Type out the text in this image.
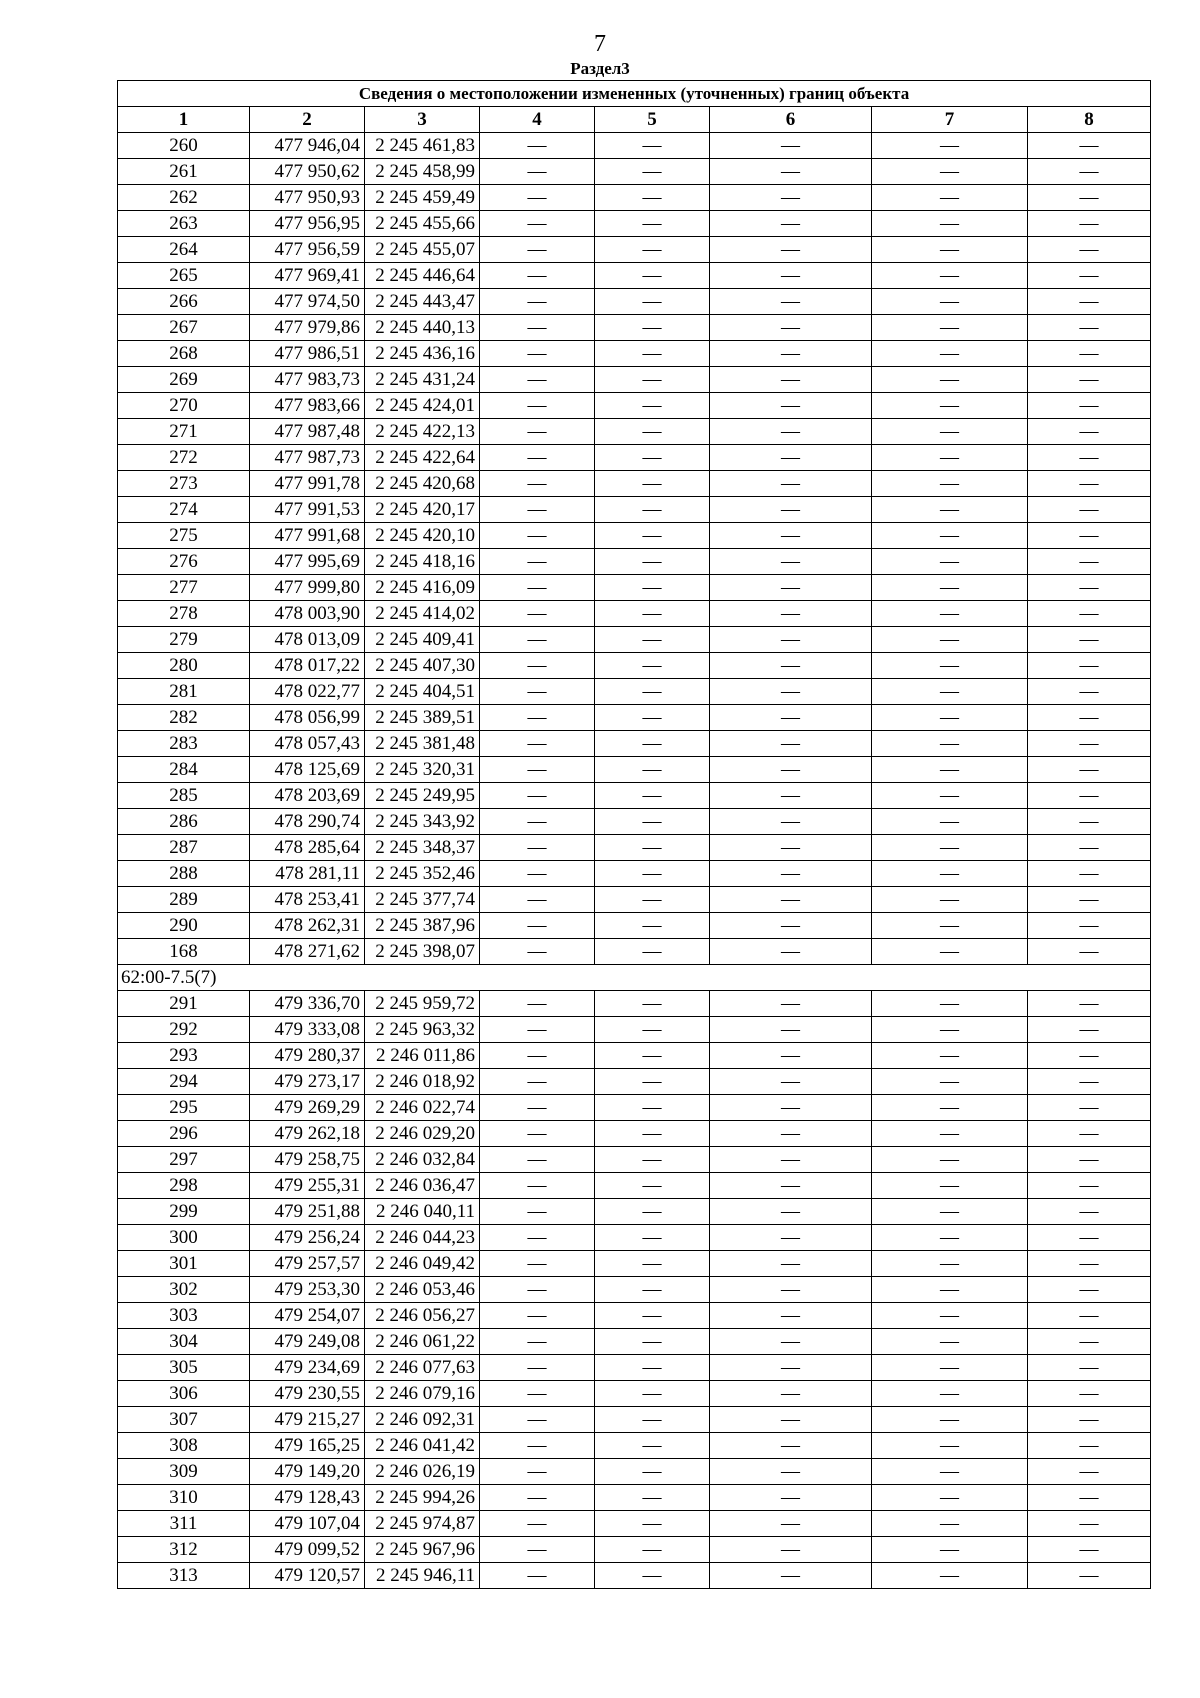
7
Раздел3
Сведения о местоположении измененных (уточненных) границ объекта							
1	2	3	4	5	6	7	8
260	477 946,04	2 245 461,83	—	—	—	—	—
261	477 950,62	2 245 458,99	—	—	—	—	—
262	477 950,93	2 245 459,49	—	—	—	—	—
263	477 956,95	2 245 455,66	—	—	—	—	—
264	477 956,59	2 245 455,07	—	—	—	—	—
265	477 969,41	2 245 446,64	—	—	—	—	—
266	477 974,50	2 245 443,47	—	—	—	—	—
267	477 979,86	2 245 440,13	—	—	—	—	—
268	477 986,51	2 245 436,16	—	—	—	—	—
269	477 983,73	2 245 431,24	—	—	—	—	—
270	477 983,66	2 245 424,01	—	—	—	—	—
271	477 987,48	2 245 422,13	—	—	—	—	—
272	477 987,73	2 245 422,64	—	—	—	—	—
273	477 991,78	2 245 420,68	—	—	—	—	—
274	477 991,53	2 245 420,17	—	—	—	—	—
275	477 991,68	2 245 420,10	—	—	—	—	—
276	477 995,69	2 245 418,16	—	—	—	—	—
277	477 999,80	2 245 416,09	—	—	—	—	—
278	478 003,90	2 245 414,02	—	—	—	—	—
279	478 013,09	2 245 409,41	—	—	—	—	—
280	478 017,22	2 245 407,30	—	—	—	—	—
281	478 022,77	2 245 404,51	—	—	—	—	—
282	478 056,99	2 245 389,51	—	—	—	—	—
283	478 057,43	2 245 381,48	—	—	—	—	—
284	478 125,69	2 245 320,31	—	—	—	—	—
285	478 203,69	2 245 249,95	—	—	—	—	—
286	478 290,74	2 245 343,92	—	—	—	—	—
287	478 285,64	2 245 348,37	—	—	—	—	—
288	478 281,11	2 245 352,46	—	—	—	—	—
289	478 253,41	2 245 377,74	—	—	—	—	—
290	478 262,31	2 245 387,96	—	—	—	—	—
168	478 271,62	2 245 398,07	—	—	—	—	—
62:00-7.5(7)							
291	479 336,70	2 245 959,72	—	—	—	—	—
292	479 333,08	2 245 963,32	—	—	—	—	—
293	479 280,37	2 246 011,86	—	—	—	—	—
294	479 273,17	2 246 018,92	—	—	—	—	—
295	479 269,29	2 246 022,74	—	—	—	—	—
296	479 262,18	2 246 029,20	—	—	—	—	—
297	479 258,75	2 246 032,84	—	—	—	—	—
298	479 255,31	2 246 036,47	—	—	—	—	—
299	479 251,88	2 246 040,11	—	—	—	—	—
300	479 256,24	2 246 044,23	—	—	—	—	—
301	479 257,57	2 246 049,42	—	—	—	—	—
302	479 253,30	2 246 053,46	—	—	—	—	—
303	479 254,07	2 246 056,27	—	—	—	—	—
304	479 249,08	2 246 061,22	—	—	—	—	—
305	479 234,69	2 246 077,63	—	—	—	—	—
306	479 230,55	2 246 079,16	—	—	—	—	—
307	479 215,27	2 246 092,31	—	—	—	—	—
308	479 165,25	2 246 041,42	—	—	—	—	—
309	479 149,20	2 246 026,19	—	—	—	—	—
310	479 128,43	2 245 994,26	—	—	—	—	—
311	479 107,04	2 245 974,87	—	—	—	—	—
312	479 099,52	2 245 967,96	—	—	—	—	—
313	479 120,57	2 245 946,11	—	—	—	—	—
